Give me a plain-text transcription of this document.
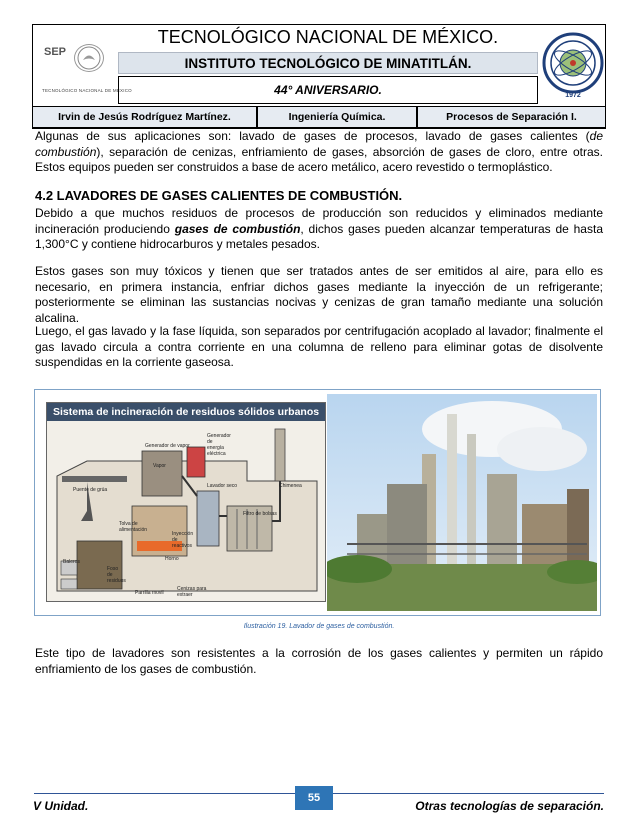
SEP
TECNOLÓGICO NACIONAL DE MÉXICO
1972
TECNOLÓGICO NACIONAL DE MÉXICO.
INSTITUTO TECNOLÓGICO DE MINATITLÁN.
44° ANIVERSARIO.
Irvin de Jesús Rodríguez Martínez.	Ingeniería Química.	Procesos de Separación I.

Algunas de sus aplicaciones son: lavado de gases de procesos, lavado de gases calientes (de combustión), separación de cenizas, enfriamiento de gases, absorción de gases de cloro, entre otras. Estos equipos pueden ser construidos a base de acero metálico, acero revestido o termoplástico.

4.2 LAVADORES DE GASES CALIENTES DE COMBUSTIÓN.

Debido a que muchos residuos de procesos de producción son reducidos y eliminados mediante incineración produciendo gases de combustión, dichos gases pueden alcanzar temperaturas de hasta 1,300°C y contiene hidrocarburos y metales pesados.

Estos gases son muy tóxicos y tienen que ser tratados antes de ser emitidos al aire, para ello es necesario, en primera instancia, enfriar dichos gases mediante la inyección de un refrigerante; posteriormente se eliminan las sustancias nocivas y cenizas de gran tamaño mediante una solución alcalina.

Luego, el gas lavado y la fase líquida, son separados por centrifugación acoplado al lavador; finalmente el gas lavado circula a contra corriente en una columna de relleno para eliminar gotas de disolvente suspendidas en la corriente gaseosa.

Sistema de incineración de residuos sólidos urbanos
Generador de vapor
Generador de energía eléctrica
Vapor
Lavador seco	Chimenea
Puente de grúa
Tolva de alimentación
Inyección de reactivos
Filtro de bolsas
Horno
Baleros
Foso de residuos
Parrilla movil
Cenizas para extraer
Ilustración 19. Lavador de gases de combustión.

Este tipo de lavadores son resistentes a la corrosión de los gases calientes y permiten un rápido enfriamiento de los gases de combustión.

V Unidad.
55
Otras tecnologías de separación.
